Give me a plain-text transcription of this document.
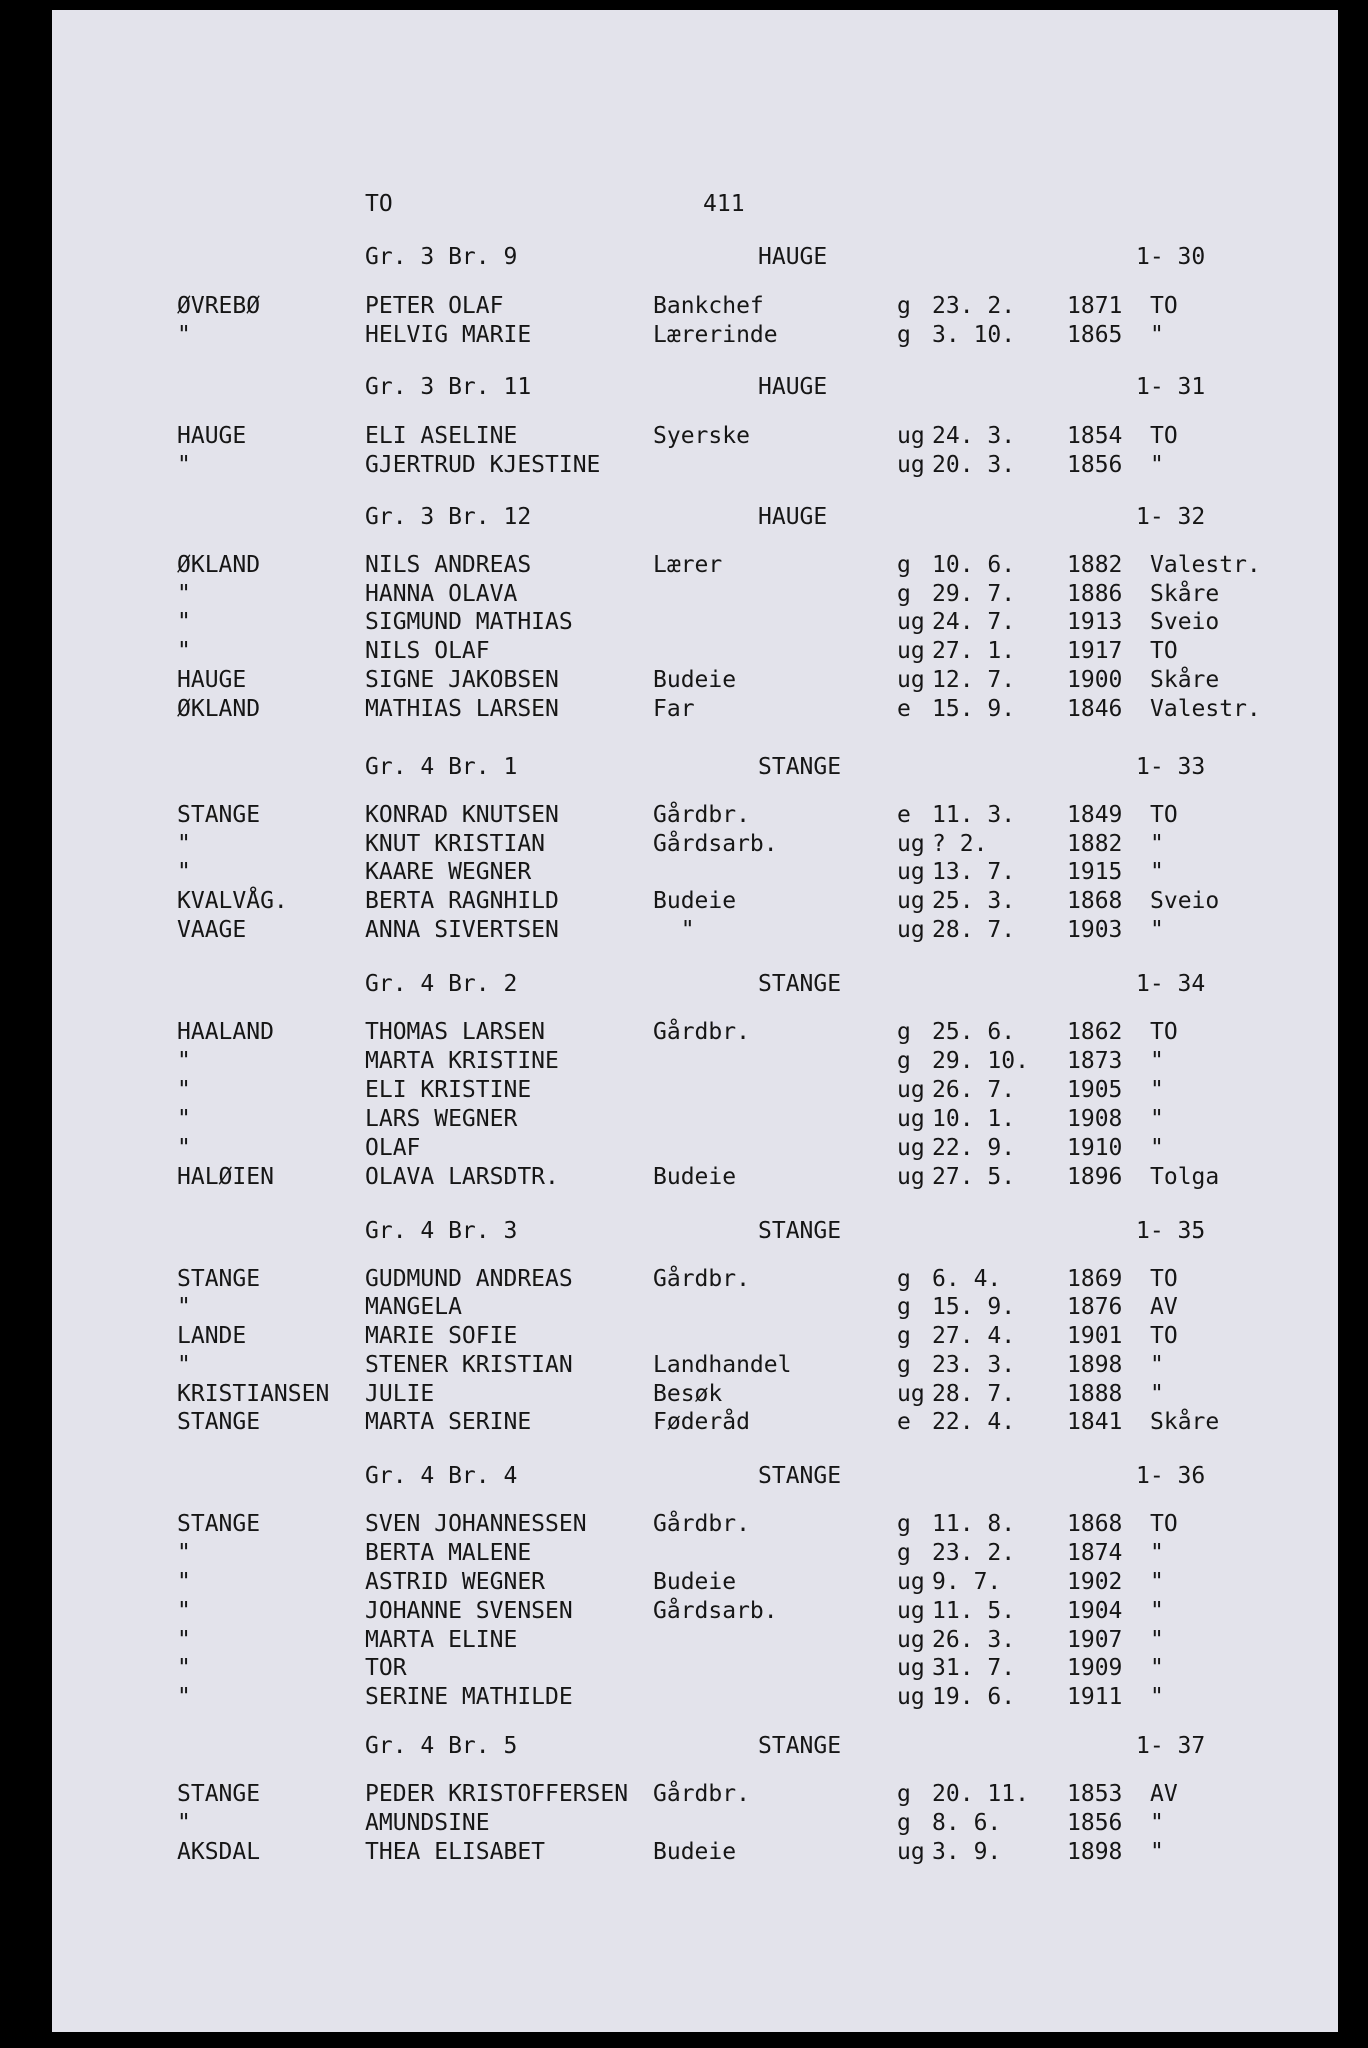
TO	411
Gr. 3 Br. 9	HAUGE	1- 30
ØVREBØ	PETER OLAF	Bankchef	g 23. 2. 1871 TO
"	HELVIG MARIE	Lærerinde	g 3. 10. 1865 "
Gr. 3 Br. 11	HAUGE	1- 31
HAUGE	ELI ASELINE	Syerske	ug 24. 3. 1854 TO
"	GJERTRUD KJESTINE	ug 20. 3. 1856 "
Gr. 3 Br. 12	HAUGE	1- 32
ØKLAND	NILS ANDREAS	Lærer	g 10. 6. 1882 Valestr.
"	HANNA OLAVA	g 29. 7. 1886 Skåre
"	SIGMUND MATHIAS	ug 24. 7. 1913 Sveio
"	NILS OLAF	ug 27. 1. 1917 TO
HAUGE	SIGNE JAKOBSEN	Budeie	ug 12. 7. 1900 Skåre
ØKLAND	MATHIAS LARSEN	Far	e 15. 9. 1846 Valestr.
Gr. 4 Br. 1	STANGE	1- 33
STANGE	KONRAD KNUTSEN	Gårdbr.	e 11. 3. 1849 TO
"	KNUT KRISTIAN	Gårdsarb.	ug ? 2.	1882 "
"	KAARE WEGNER	ug 13. 7. 1915 "
KVALVÅG.	BERTA RAGNHILD	Budeie	ug 25. 3. 1868 Sveio
VAAGE	ANNA SIVERTSEN	"	ug 28. 7. 1903 "
Gr. 4 Br. 2	STANGE	1- 34
HAALAND	THOMAS LARSEN	Gårdbr.	g 25. 6. 1862 TO
"	MARTA KRISTINE	g 29. 10. 1873 "
"	ELI KRISTINE	ug 26. 7. 1905 "
"	LARS WEGNER	ug 10. 1. 1908 "
"	OLAF	ug 22. 9. 1910 "
HALØIEN	OLAVA LARSDTR.	Budeie	ug 27. 5. 1896 Tolga
Gr. 4 Br. 3	STANGE	1- 35
STANGE	GUDMUND ANDREAS	Gårdbr.	g 6. 4.	1869 TO
"	MANGELA	g 15. 9. 1876 AV
LANDE	MARIE SOFIE	g 27. 4. 1901 TO
"	STENER KRISTIAN	Landhandel	g 23. 3. 1898 "
KRISTIANSEN JULIE	Besøk	ug 28. 7. 1888 "
STANGE	MARTA SERINE	Føderåd	e 22. 4. 1841 Skåre
Gr. 4 Br. 4	STANGE	1- 36
STANGE	SVEN JOHANNESSEN	Gårdbr.	g 11. 8. 1868 TO
"	BERTA MALENE	g 23. 2. 1874 "
"	ASTRID WEGNER	Budeie	ug 9. 7.	1902 "
"	JOHANNE SVENSEN	Gårdsarb.	ug 11. 5. 1904 "
"	MARTA ELINE	ug 26. 3. 1907 "
"	TOR	ug 31. 7. 1909 "
"	SERINE MATHILDE	ug 19. 6. 1911 "
Gr. 4 Br. 5	STANGE	1- 37
STANGE	PEDER KRISTOFFERSEN Gårdbr.	g 20. 11. 1853 AV
"	AMUNDSINE	g 8. 6.	1856 "
AKSDAL	THEA ELISABET	Budeie	ug 3. 9.	1898 "
